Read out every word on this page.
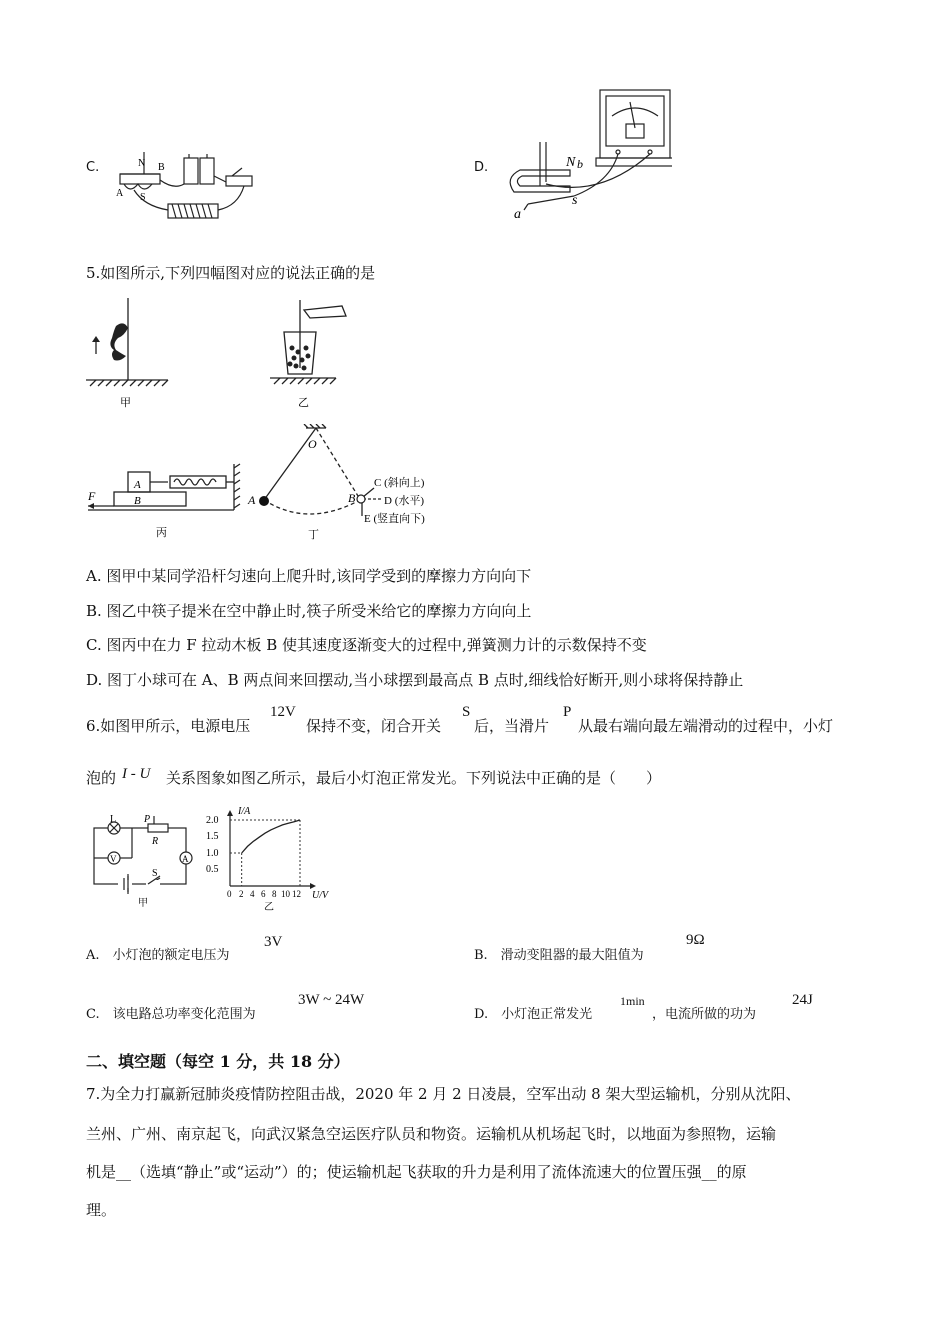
C.	N B
A S
D.	N b
a
s
5.如图所示,下列四幅图对应的说法正确的是
甲	乙
F
A
B
丙
O
A	B
C (斜向上)
D (水平)
E (竖直向下)
丁
A. 图甲中某同学沿杆匀速向上爬升时,该同学受到的摩擦力方向向下
B. 图乙中筷子提米在空中静止时,筷子所受米给它的摩擦力方向向上
C. 图丙中在力 F 拉动木板 B 使其速度逐渐变大的过程中,弹簧测力计的示数保持不变
D. 图丁小球可在 A、B 两点间来回摆动,当小球摆到最高点 B 点时,细线恰好断开,则小球将保持静止
6.如图甲所示，电源电压
12V
保持不变，闭合开关
S
后，当滑片
P
从最右端向最左端滑动的过程中，小灯
泡的 I - U 关系图象如图乙所示，最后小灯泡正常发光。下列说法中正确的是（　　）
L	P
R
V	A
S
甲
I/A
U/V
2.0
1.5
1.0
0.5
0 2 4 6 8 10 12
乙
A.　小灯泡的额定电压为
3V
B.　滑动变阻器的最大阻值为
9Ω
C.　该电路总功率变化范围为
3W ~ 24W
D.　小灯泡正常发光
1min
，电流所做的功为
24J
二、填空题（每空 1 分，共 18 分）
7.为全力打赢新冠肺炎疫情防控阻击战，2020 年 2 月 2 日凌晨，空军出动 8 架大型运输机，分别从沈阳、
兰州、广州、南京起飞，向武汉紧急空运医疗队员和物资。运输机从机场起飞时，以地面为参照物，运输
机是__（选填“静止”或“运动”）的；使运输机起飞获取的升力是利用了流体流速大的位置压强__的原
理。
